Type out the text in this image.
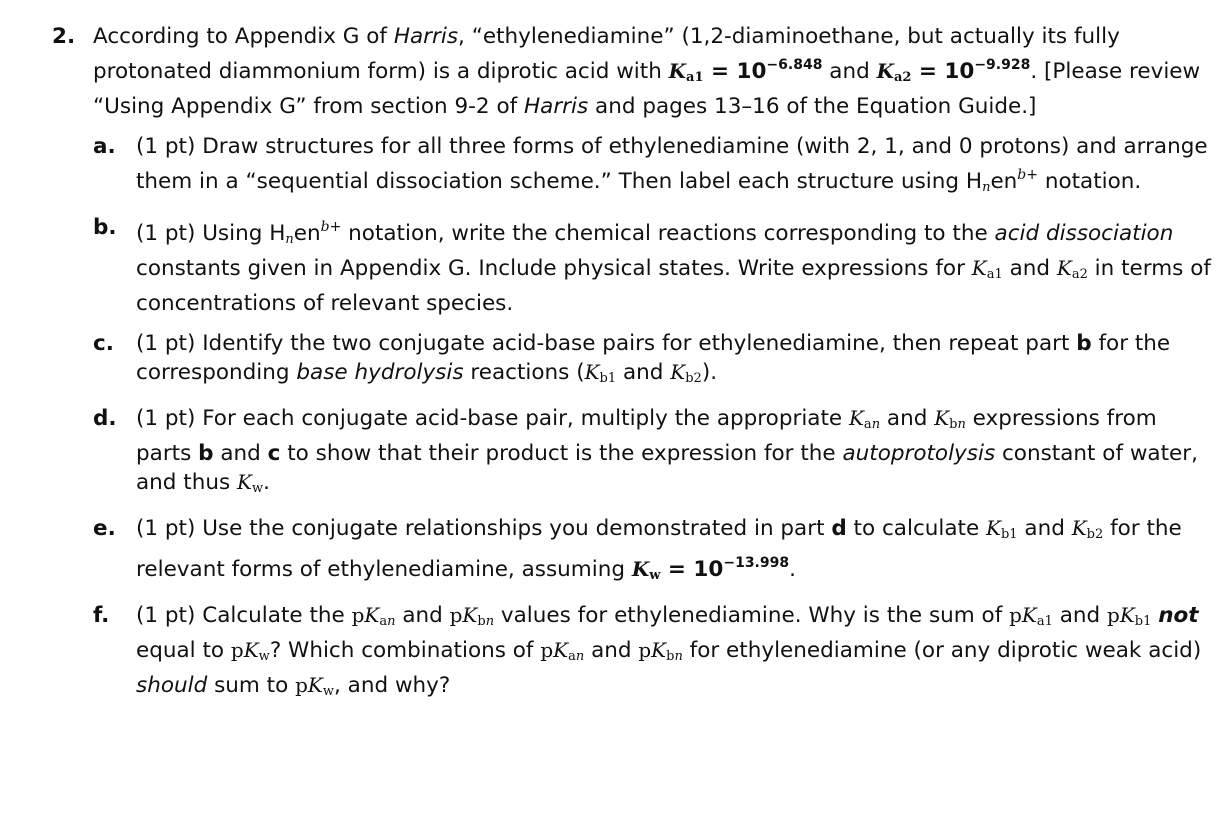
2. According to Appendix G of Harris, “ethylenediamine” (1,2-diaminoethane, but actually its fully protonated diammonium form) is a diprotic acid with $Ka1 = 10^{-6.848}$ and $Ka2 = 10^{-9.928}$. [Please review “Using Appendix G” from section 9-2 of Harris and pages 13–16 of the Equation Guide.]
a. (1 pt) Draw structures for all three forms of ethylenediamine (with 2, 1, and 0 protons) and arrange them in a “sequential dissociation scheme.” Then label each structure using Hnen$^{b+}$ notation.
b. (1 pt) Using Hnen$^{b+}$ notation, write the chemical reactions corresponding to the acid dissociation constants given in Appendix G. Include physical states. Write expressions for $K_{a1}$ and $K_{a2}$ in terms of concentrations of relevant species.
c.	(1 pt) Identify the two conjugate acid-base pairs for ethylenediamine, then repeat part b for the corresponding base hydrolysis reactions ($K_{b1}$ and $K_{b2}$).
d. (1 pt) For each conjugate acid-base pair, multiply the appropriate $K_an$ and $K_bn$ expressions from parts b and c to show that their product is the expression for the autoprotolysis constant of water, and thus $K_w$.
e. (1 pt) Use the conjugate relationships you demonstrated in part d to calculate $K_{b1}$ and $K_{b2}$ for the relevant forms of ethylenediamine, assuming $Kw = 10^{-13.998}$.
f.	(1 pt) Calculate the $pK_an$ and $pK_bn$ values for ethylenediamine. Why is the sum of $pK_{a1}$ and $pK_{b1}$ not equal to $pK_w$? Which combinations of $pK_an$ and $pK_bn$ for ethylenediamine (or any diprotic weak acid) should sum to $pK_w$, and why?
